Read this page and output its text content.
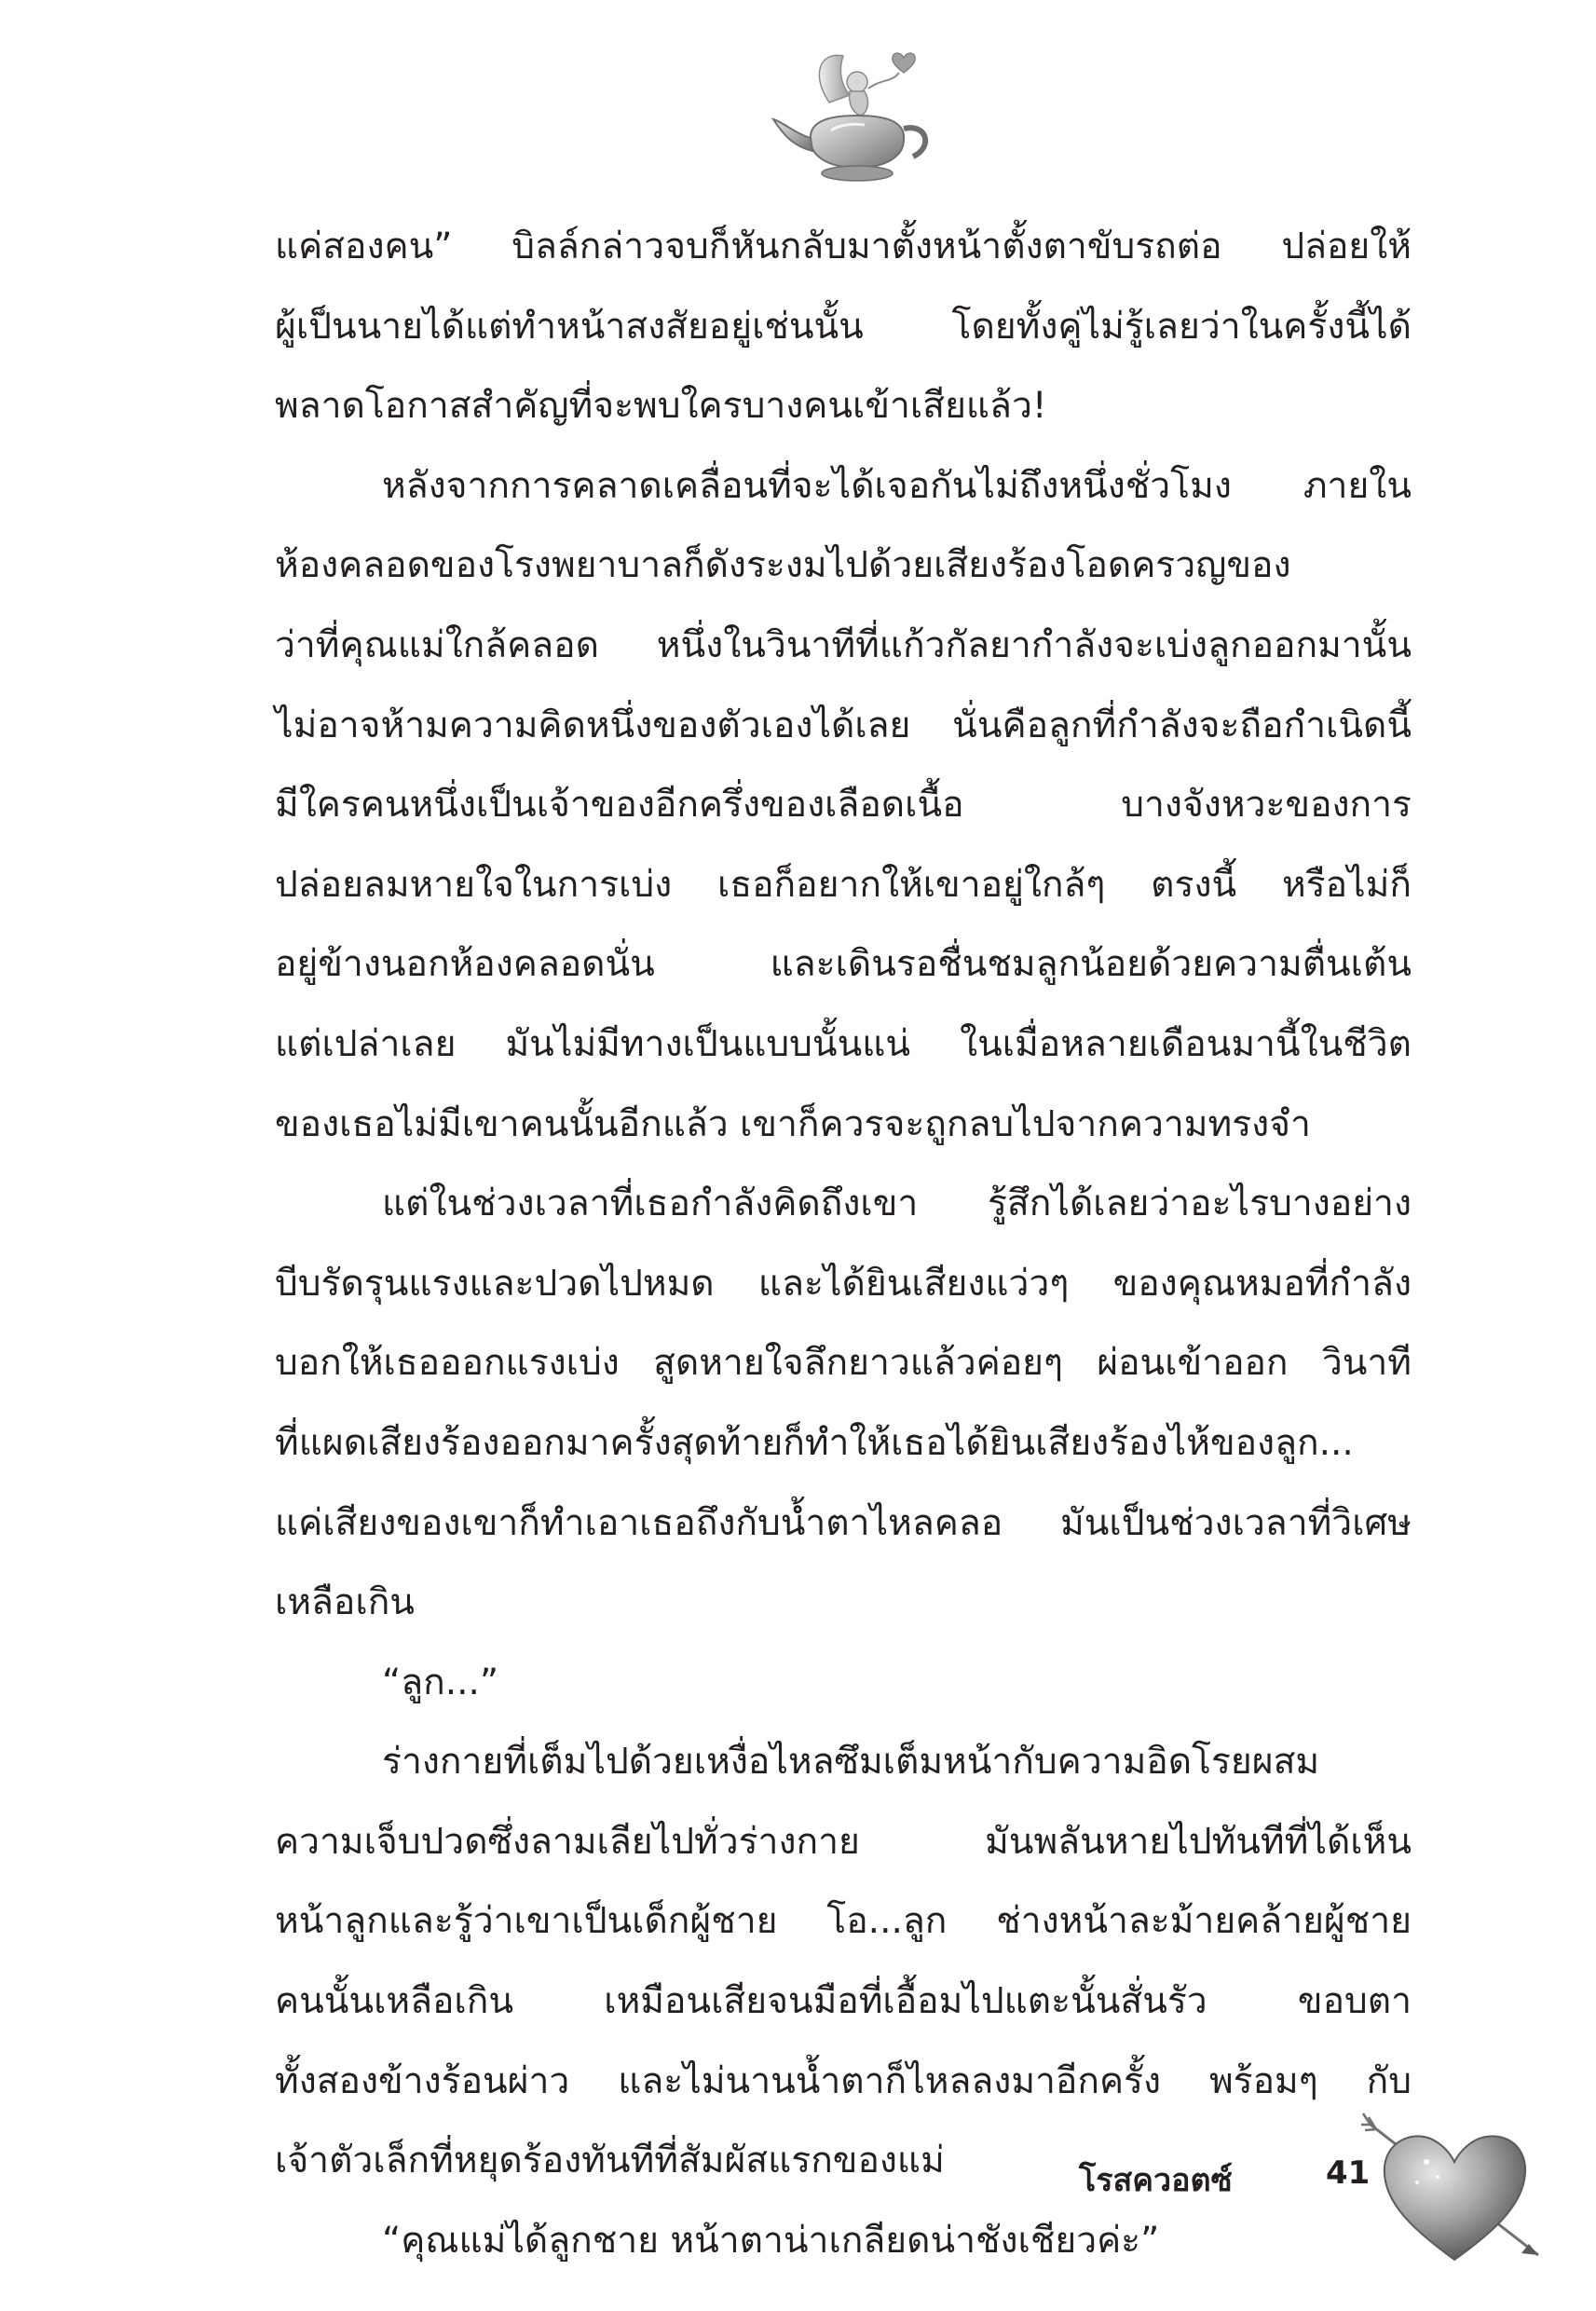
แค่สองคน” บิลล์กล่าวจบก็หันกลับมาตั้งหน้าตั้งตาขับรถต่อ ปล่อยให้
ผู้เป็นนายได้แต่ทำหน้าสงสัยอยู่เช่นนั้น โดยทั้งคู่ไม่รู้เลยว่าในครั้งนี้ได้
พลาดโอกาสสำคัญที่จะพบใครบางคนเข้าเสียแล้ว!
หลังจากการคลาดเคลื่อนที่จะได้เจอกันไม่ถึงหนึ่งชั่วโมง ภายใน
ห้องคลอดของโรงพยาบาลก็ดังระงมไปด้วยเสียงร้องโอดครวญของ
ว่าที่คุณแม่ใกล้คลอด หนึ่งในวินาทีที่แก้วกัลยากำลังจะเบ่งลูกออกมานั้น
ไม่อาจห้ามความคิดหนึ่งของตัวเองได้เลย นั่นคือลูกที่กำลังจะถือกำเนิดนี้
มีใครคนหนึ่งเป็นเจ้าของอีกครึ่งของเลือดเนื้อ บางจังหวะของการ
ปล่อยลมหายใจในการเบ่ง เธอก็อยากให้เขาอยู่ใกล้ๆ ตรงนี้ หรือไม่ก็
อยู่ข้างนอกห้องคลอดนั่น และเดินรอชื่นชมลูกน้อยด้วยความตื่นเต้น
แต่เปล่าเลย มันไม่มีทางเป็นแบบนั้นแน่ ในเมื่อหลายเดือนมานี้ในชีวิต
ของเธอไม่มีเขาคนนั้นอีกแล้ว เขาก็ควรจะถูกลบไปจากความทรงจำ
แต่ในช่วงเวลาที่เธอกำลังคิดถึงเขา รู้สึกได้เลยว่าอะไรบางอย่าง
บีบรัดรุนแรงและปวดไปหมด และได้ยินเสียงแว่วๆ ของคุณหมอที่กำลัง
บอกให้เธอออกแรงเบ่ง สูดหายใจลึกยาวแล้วค่อยๆ ผ่อนเข้าออก วินาที
ที่แผดเสียงร้องออกมาครั้งสุดท้ายก็ทำให้เธอได้ยินเสียงร้องไห้ของลูก...
แค่เสียงของเขาก็ทำเอาเธอถึงกับน้ำตาไหลคลอ มันเป็นช่วงเวลาที่วิเศษ
เหลือเกิน
“ลูก...”
ร่างกายที่เต็มไปด้วยเหงื่อไหลซึมเต็มหน้ากับความอิดโรยผสม
ความเจ็บปวดซึ่งลามเลียไปทั่วร่างกาย มันพลันหายไปทันทีที่ได้เห็น
หน้าลูกและรู้ว่าเขาเป็นเด็กผู้ชาย โอ...ลูก ช่างหน้าละม้ายคล้ายผู้ชาย
คนนั้นเหลือเกิน เหมือนเสียจนมือที่เอื้อมไปแตะนั้นสั่นรัว ขอบตา
ทั้งสองข้างร้อนผ่าว และไม่นานน้ำตาก็ไหลลงมาอีกครั้ง พร้อมๆ กับ
เจ้าตัวเล็กที่หยุดร้องทันทีที่สัมผัสแรกของแม่
“คุณแม่ได้ลูกชาย หน้าตาน่าเกลียดน่าชังเชียวค่ะ”
โรสควอตซ์	41
